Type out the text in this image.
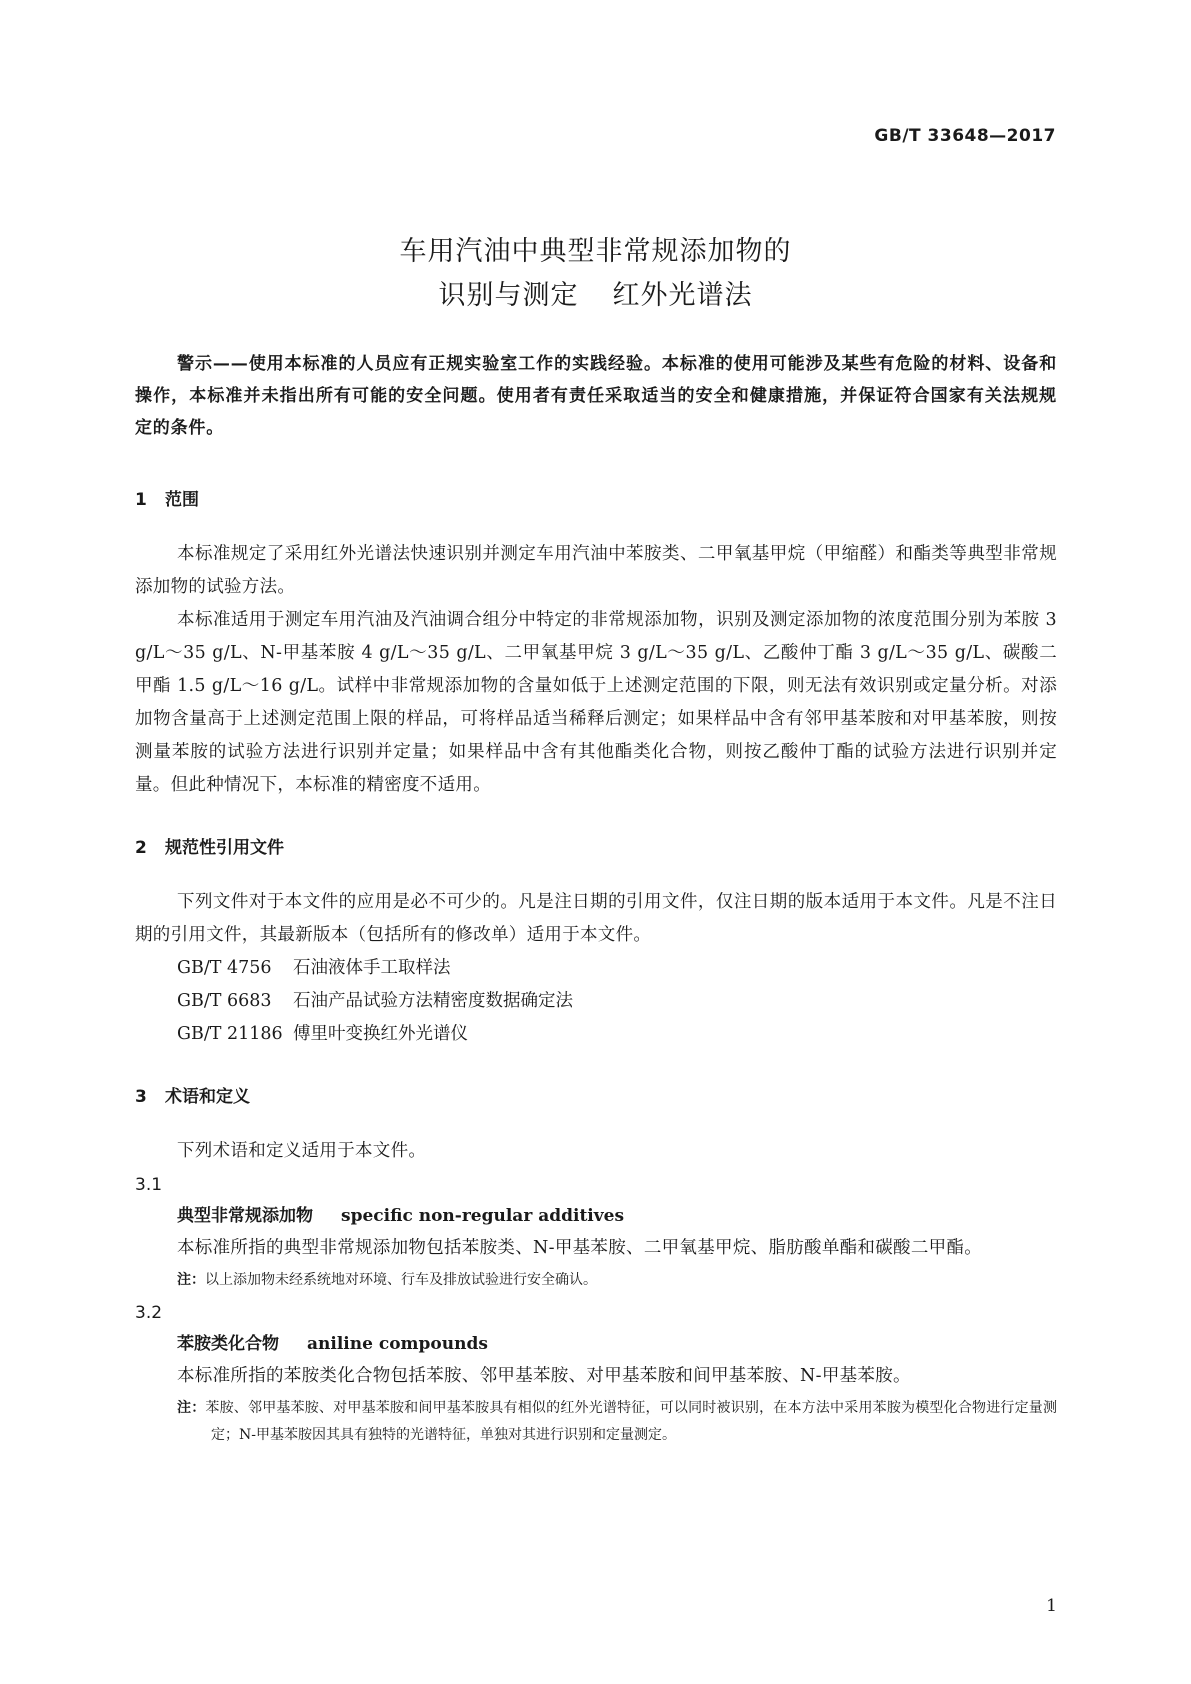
GB/T 33648—2017
车用汽油中典型非常规添加物的
识别与测定 红外光谱法

警示——使用本标准的人员应有正规实验室工作的实践经验。本标准的使用可能涉及某些有危险的材料、设备和操作，本标准并未指出所有可能的安全问题。使用者有责任采取适当的安全和健康措施，并保证符合国家有关法规规定的条件。

1 范围

本标准规定了采用红外光谱法快速识别并测定车用汽油中苯胺类、二甲氧基甲烷（甲缩醛）和酯类等典型非常规添加物的试验方法。

本标准适用于测定车用汽油及汽油调合组分中特定的非常规添加物，识别及测定添加物的浓度范围分别为苯胺 3 g/L～35 g/L、N-甲基苯胺 4 g/L～35 g/L、二甲氧基甲烷 3 g/L～35 g/L、乙酸仲丁酯 3 g/L～35 g/L、碳酸二甲酯 1.5 g/L～16 g/L。试样中非常规添加物的含量如低于上述测定范围的下限，则无法有效识别或定量分析。对添加物含量高于上述测定范围上限的样品，可将样品适当稀释后测定；如果样品中含有邻甲基苯胺和对甲基苯胺，则按测量苯胺的试验方法进行识别并定量；如果样品中含有其他酯类化合物，则按乙酸仲丁酯的试验方法进行识别并定量。但此种情况下，本标准的精密度不适用。

2 规范性引用文件

下列文件对于本文件的应用是必不可少的。凡是注日期的引用文件，仅注日期的版本适用于本文件。凡是不注日期的引用文件，其最新版本（包括所有的修改单）适用于本文件。

GB/T 4756 石油液体手工取样法
GB/T 6683 石油产品试验方法精密度数据确定法
GB/T 21186 傅里叶变换红外光谱仪
3 术语和定义

下列术语和定义适用于本文件。

3.1
典型非常规添加物 specific non-regular additives

本标准所指的典型非常规添加物包括苯胺类、N-甲基苯胺、二甲氧基甲烷、脂肪酸单酯和碳酸二甲酯。

注：以上添加物未经系统地对环境、行车及排放试验进行安全确认。
3.2
苯胺类化合物 aniline compounds

本标准所指的苯胺类化合物包括苯胺、邻甲基苯胺、对甲基苯胺和间甲基苯胺、N-甲基苯胺。

注：苯胺、邻甲基苯胺、对甲基苯胺和间甲基苯胺具有相似的红外光谱特征，可以同时被识别，在本方法中采用苯胺为模型化合物进行定量测定；N-甲基苯胺因其具有独特的光谱特征，单独对其进行识别和定量测定。
1
